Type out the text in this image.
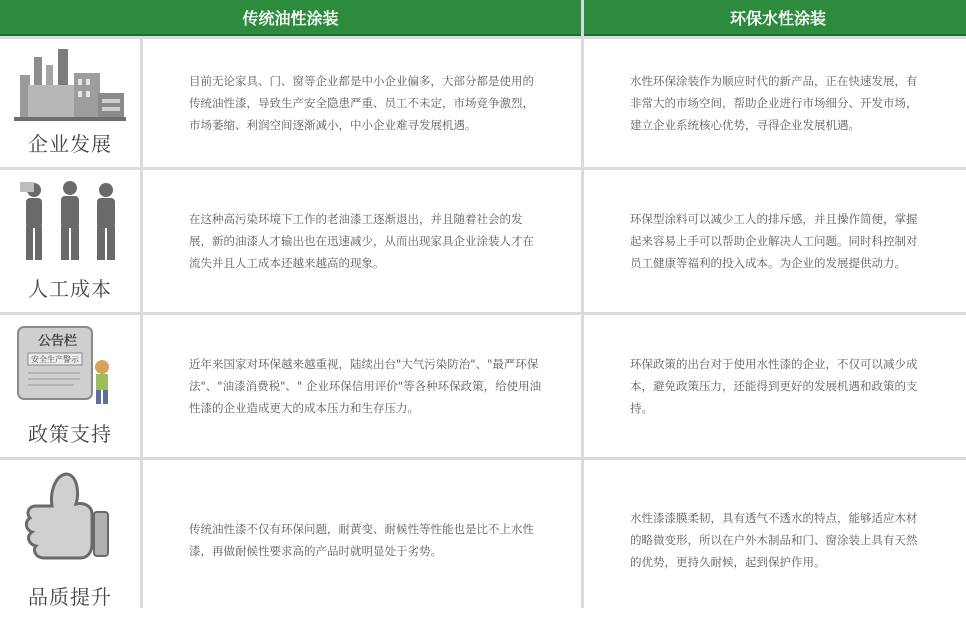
传统油性涂装	环保水性涂装
企业发展

目前无论家具、门、窗等企业都是中小企业偏多，大部分都是使用的传统油性漆，导致生产安全隐患严重、员工不未定，市场竞争激烈，市场萎缩、利润空间逐渐减小，中小企业难寻发展机遇。

水性环保涂装作为顺应时代的新产品，正在快速发展，有非常大的市场空间，帮助企业进行市场细分、开发市场，建立企业系统核心优势，寻得企业发展机遇。

人工成本

在这种高污染环境下工作的老油漆工逐渐退出，并且随着社会的发展，新的油漆人才输出也在迅速减少，从而出现家具企业涂装人才在流失并且人工成本还越来越高的现象。

环保型涂料可以减少工人的排斥感，并且操作简便，掌握起来容易上手可以帮助企业解决人工问题。同时科控制对员工健康等福利的投入成本。为企业的发展提供动力。

公告栏
安全生产警示
政策支持

近年来国家对环保越来越重视，陆续出台"大气污染防治"、"最严环保法"、"油漆消费税"、" 企业环保信用评价"等各种环保政策，给使用油性漆的企业造成更大的成本压力和生存压力。

环保政策的出台对于使用水性漆的企业，不仅可以减少成本，避免政策压力，还能得到更好的发展机遇和政策的支持。

品质提升

传统油性漆不仅有环保问题，耐黄变、耐候性等性能也是比不上水性漆，再做耐候性要求高的产品时就明显处于劣势。

水性漆漆膜柔韧，具有透气不透水的特点，能够适应木材的略微变形，所以在户外木制品和门、窗涂装上具有天然的优势，更持久耐候，起到保护作用。
